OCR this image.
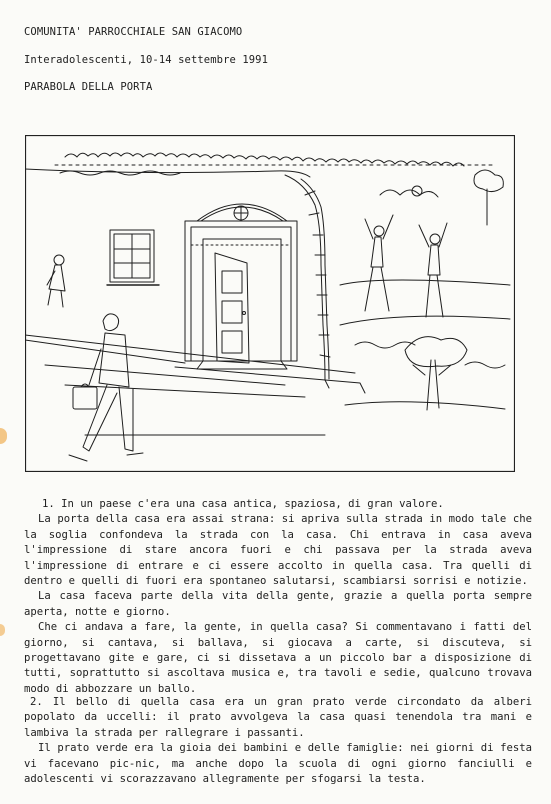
COMUNITA' PARROCCHIALE SAN GIACOMO
Interadolescenti, 10-14 settembre 1991
PARABOLA DELLA PORTA

1. In un paese c'era una casa antica, spaziosa, di gran valore.

La porta della casa era assai strana: si apriva sulla strada in modo tale che la soglia confondeva la strada con la casa. Chi entrava in casa aveva l'impressione di stare ancora fuori e chi passava per la strada aveva l'impressione di entrare e ci essere accolto in quella casa. Tra quelli di dentro e quelli di fuori era spontaneo salutarsi, scambiarsi sorrisi e notizie.

La casa faceva parte della vita della gente, grazie a quella porta sempre aperta, notte e giorno.

Che ci andava a fare, la gente, in quella casa? Si commentavano i fatti del giorno, si cantava, si ballava, si giocava a carte, si discuteva, si progettavano gite e gare, ci si dissetava a un piccolo bar a disposizione di tutti, soprattutto si ascoltava musica e, tra tavoli e sedie, qualcuno trovava modo di abbozzare un ballo.

2. Il bello di quella casa era un gran prato verde circondato da alberi popolato da uccelli: il prato avvolgeva la casa quasi tenendola tra mani e lambiva la strada per rallegrare i passanti.

Il prato verde era la gioia dei bambini e delle famiglie: nei giorni di festa vi facevano pic-nic, ma anche dopo la scuola di ogni giorno fanciulli e adolescenti vi scorazzavano allegramente per sfogarsi la testa.
